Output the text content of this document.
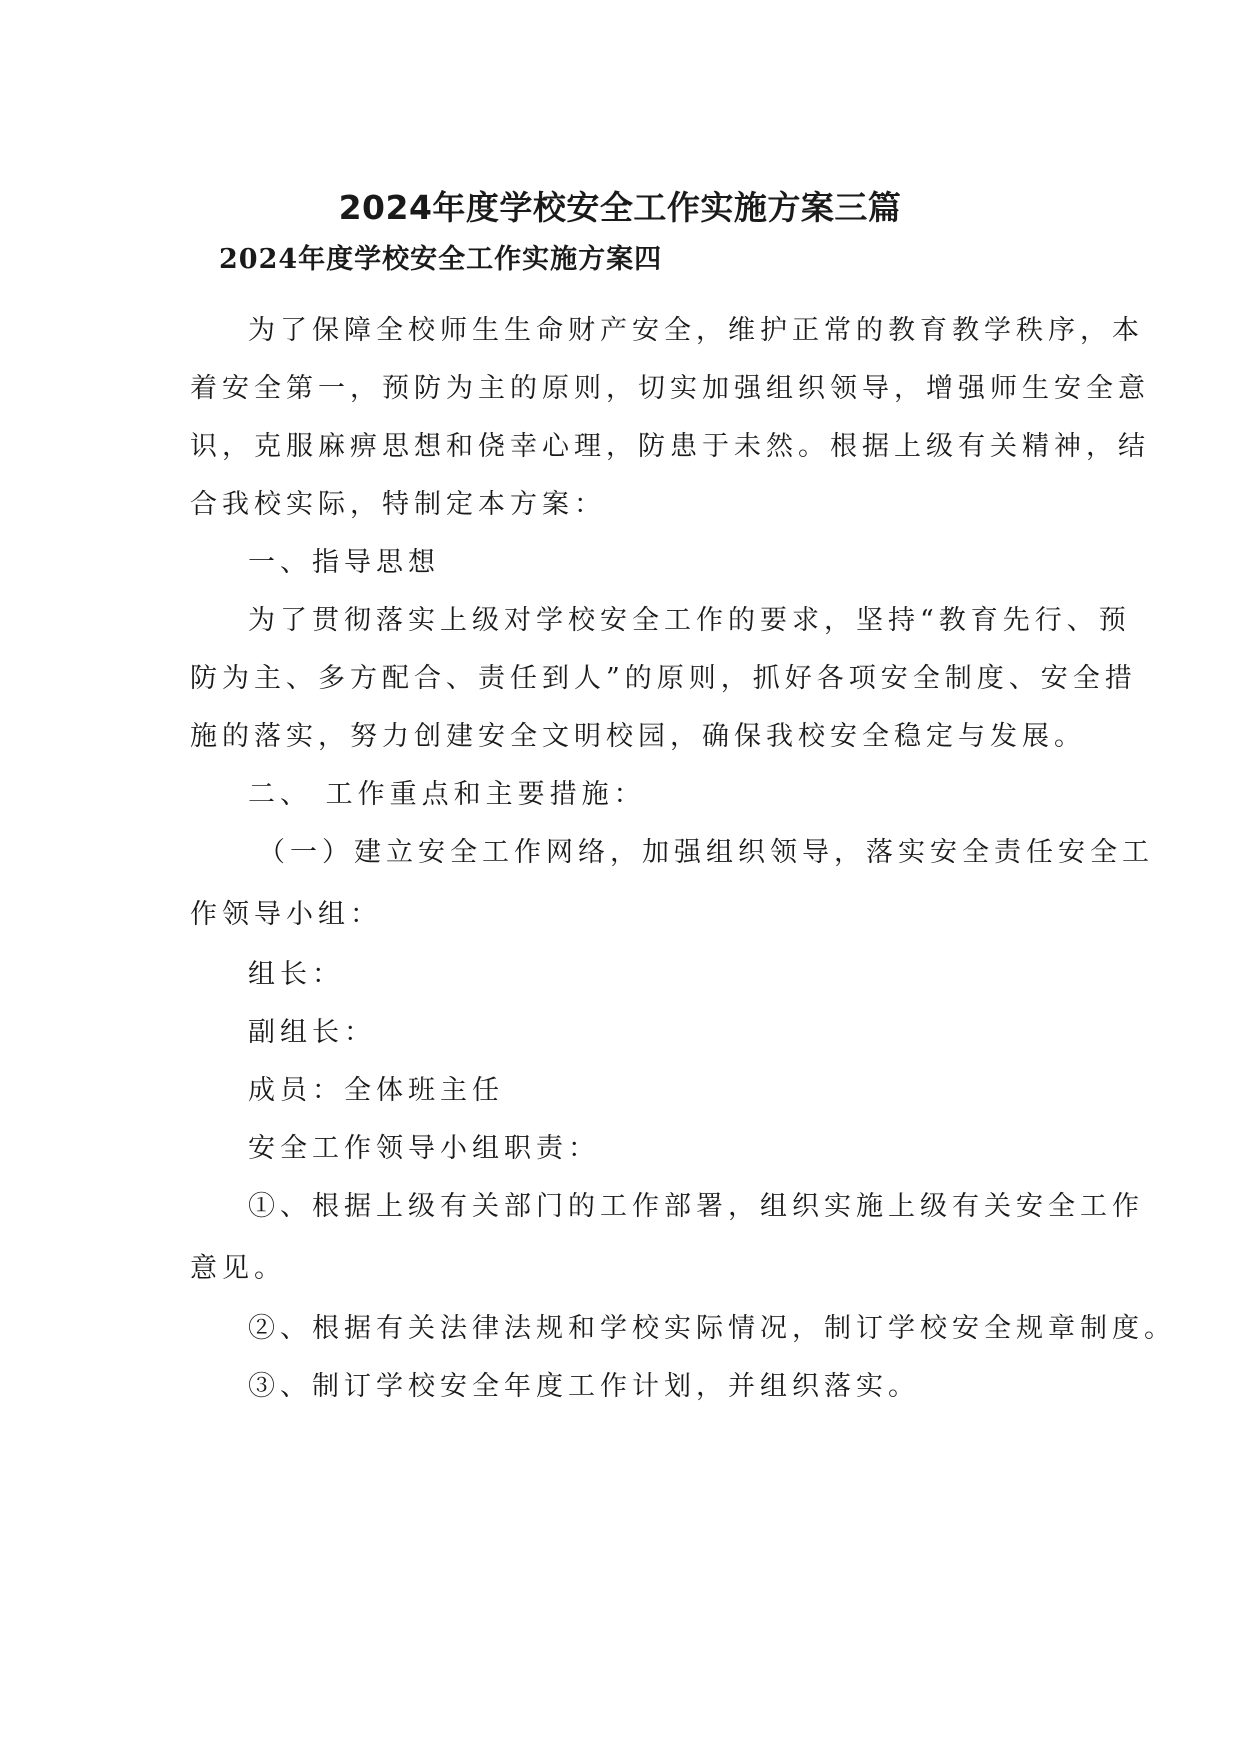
2024年度学校安全工作实施方案三篇
2024年度学校安全工作实施方案四
为了保障全校师生生命财产安全，维护正常的教育教学秩序，本
着安全第一，预防为主的原则，切实加强组织领导，增强师生安全意
识，克服麻痹思想和侥幸心理，防患于未然。根据上级有关精神，结
合我校实际，特制定本方案：
一、指导思想
为了贯彻落实上级对学校安全工作的要求，坚持“教育先行、预
防为主、多方配合、责任到人”的原则，抓好各项安全制度、安全措
施的落实，努力创建安全文明校园，确保我校安全稳定与发展。
二、 工作重点和主要措施：
（一）建立安全工作网络，加强组织领导，落实安全责任安全工
作领导小组：
组长：
副组长：
成员：全体班主任
安全工作领导小组职责：
①、根据上级有关部门的工作部署，组织实施上级有关安全工作
意见。
②、根据有关法律法规和学校实际情况，制订学校安全规章制度。
③、制订学校安全年度工作计划，并组织落实。
